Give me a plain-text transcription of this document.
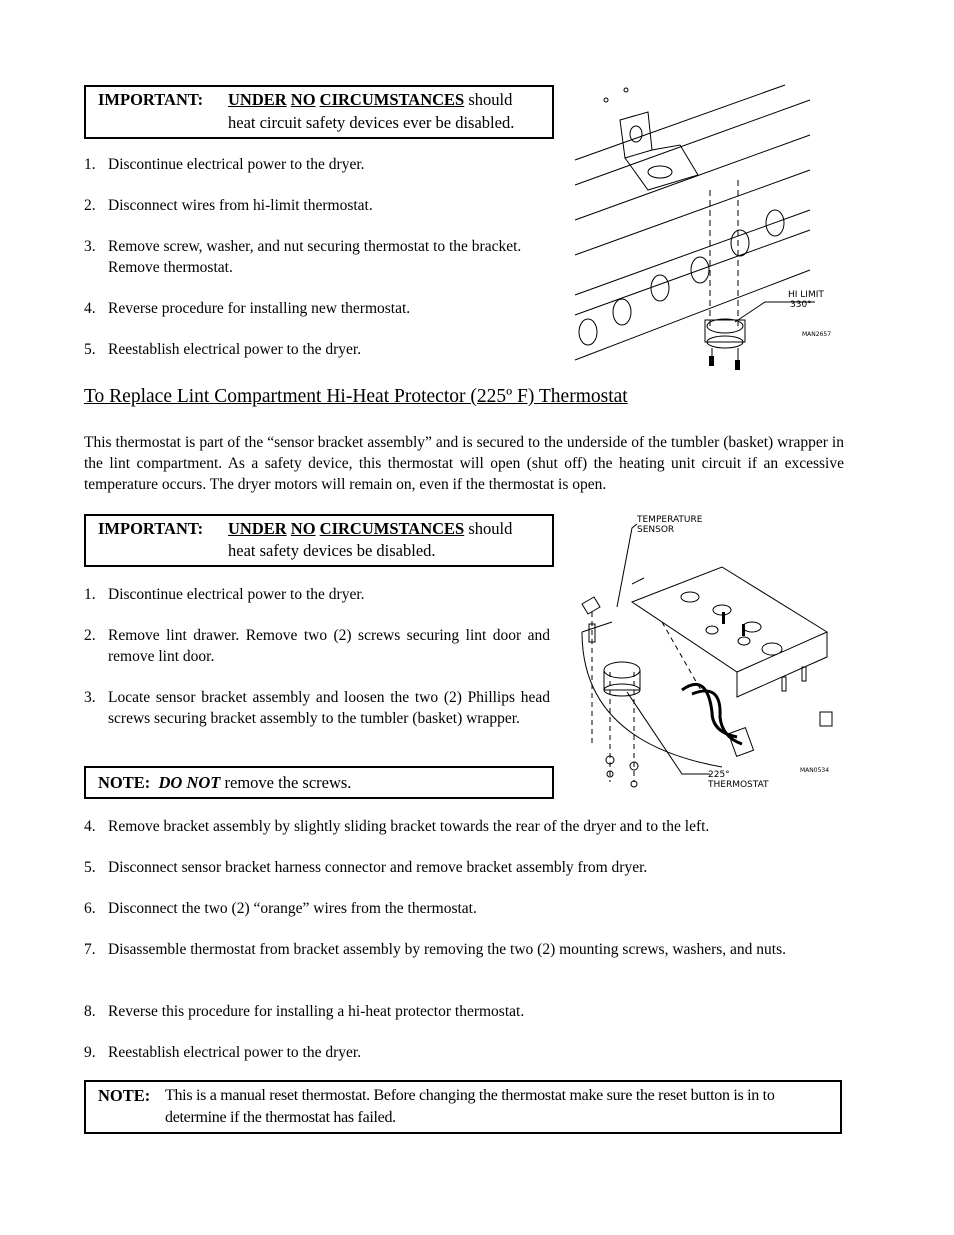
IMPORTANT: UNDER NO CIRCUMSTANCES should
heat circuit safety devices ever be disabled.
1. Discontinue electrical power to the dryer.
2. Disconnect wires from hi-limit thermostat.
3. Remove screw, washer, and nut securing thermostat to the bracket.
Remove thermostat.
4. Reverse procedure for installing new thermostat.
5. Reestablish electrical power to the dryer.
HI LIMIT
330°
MAN2657
To Replace Lint Compartment Hi-Heat Protector (225º F) Thermostat
This thermostat is part of the “sensor bracket assembly” and is secured to the underside of the tumbler (basket) wrapper in the lint compartment. As a safety device, this thermostat will open (shut off) the heating unit circuit if an excessive temperature occurs. The dryer motors will remain on, even if the thermostat is open.
IMPORTANT: UNDER NO CIRCUMSTANCES should
heat safety devices be disabled.
1. Discontinue electrical power to the dryer.
2. Remove lint drawer. Remove two (2) screws securing lint door and remove lint door.
3. Locate sensor bracket assembly and loosen the two (2) Phillips head screws securing bracket assembly to the tumbler (basket) wrapper.
NOTE: DO NOT remove the screws.
TEMPERATURE
SENSOR
225°
THERMOSTAT
MAN0534
4. Remove bracket assembly by slightly sliding bracket towards the rear of the dryer and to the left.
5. Disconnect sensor bracket harness connector and remove bracket assembly from dryer.
6. Disconnect the two (2) “orange” wires from the thermostat.
7. Disassemble thermostat from bracket assembly by removing the two (2) mounting screws, washers, and nuts.
8. Reverse this procedure for installing a hi-heat protector thermostat.
9. Reestablish electrical power to the dryer.
NOTE: This is a manual reset thermostat. Before changing the thermostat make sure the reset button is in to determine if the thermostat has failed.
